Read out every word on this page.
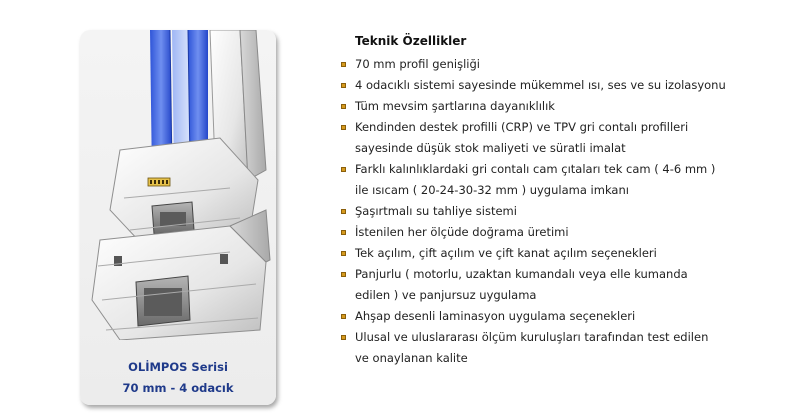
OLİMPOS Serisi
70 mm - 4 odacık
Teknik Özellikler
70 mm profil genişliği
4 odacıklı sistemi sayesinde mükemmel ısı, ses ve su izolasyonu
Tüm mevsim şartlarına dayanıklılık
Kendinden destek profilli (CRP) ve TPV gri contalı profilleri
sayesinde düşük stok maliyeti ve süratli imalat
Farklı kalınlıklardaki gri contalı cam çıtaları tek cam ( 4-6 mm )
ile ısıcam ( 20-24-30-32 mm ) uygulama imkanı
Şaşırtmalı su tahliye sistemi
İstenilen her ölçüde doğrama üretimi
Tek açılım, çift açılım ve çift kanat açılım seçenekleri
Panjurlu ( motorlu, uzaktan kumandalı veya elle kumanda
edilen ) ve panjursuz uygulama
Ahşap desenli laminasyon uygulama seçenekleri
Ulusal ve uluslararası ölçüm kuruluşları tarafından test edilen
ve onaylanan kalite
